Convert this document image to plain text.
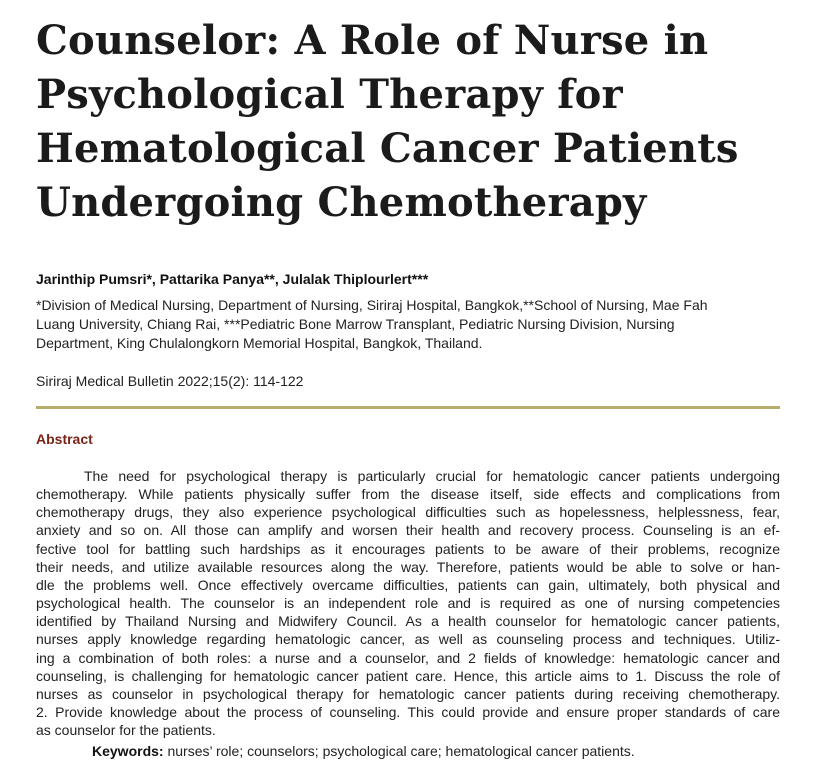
Counselor: A Role of Nurse in
Psychological Therapy for
Hematological Cancer Patients
Undergoing Chemotherapy
Jarinthip Pumsri*, Pattarika Panya**, Julalak Thiplourlert***
*Division of Medical Nursing, Department of Nursing, Siriraj Hospital, Bangkok,**School of Nursing, Mae Fah
Luang University, Chiang Rai, ***Pediatric Bone Marrow Transplant, Pediatric Nursing Division, Nursing
Department, King Chulalongkorn Memorial Hospital, Bangkok, Thailand.
Siriraj Medical Bulletin 2022;15(2): 114-122
Abstract
The need for psychological therapy is particularly crucial for hematologic cancer patients undergoing
chemotherapy. While patients physically suffer from the disease itself, side effects and complications from
chemotherapy drugs, they also experience psychological difficulties such as hopelessness, helplessness, fear,
anxiety and so on. All those can amplify and worsen their health and recovery process. Counseling is an ef-
fective tool for battling such hardships as it encourages patients to be aware of their problems, recognize
their needs, and utilize available resources along the way. Therefore, patients would be able to solve or han-
dle the problems well. Once effectively overcame difficulties, patients can gain, ultimately, both physical and
psychological health. The counselor is an independent role and is required as one of nursing competencies
identified by Thailand Nursing and Midwifery Council. As a health counselor for hematologic cancer patients,
nurses apply knowledge regarding hematologic cancer, as well as counseling process and techniques. Utiliz-
ing a combination of both roles: a nurse and a counselor, and 2 fields of knowledge: hematologic cancer and
counseling, is challenging for hematologic cancer patient care. Hence, this article aims to 1. Discuss the role of
nurses as counselor in psychological therapy for hematologic cancer patients during receiving chemotherapy.
2. Provide knowledge about the process of counseling. This could provide and ensure proper standards of care
as counselor for the patients.
Keywords: nurses’ role; counselors; psychological care; hematological cancer patients.
